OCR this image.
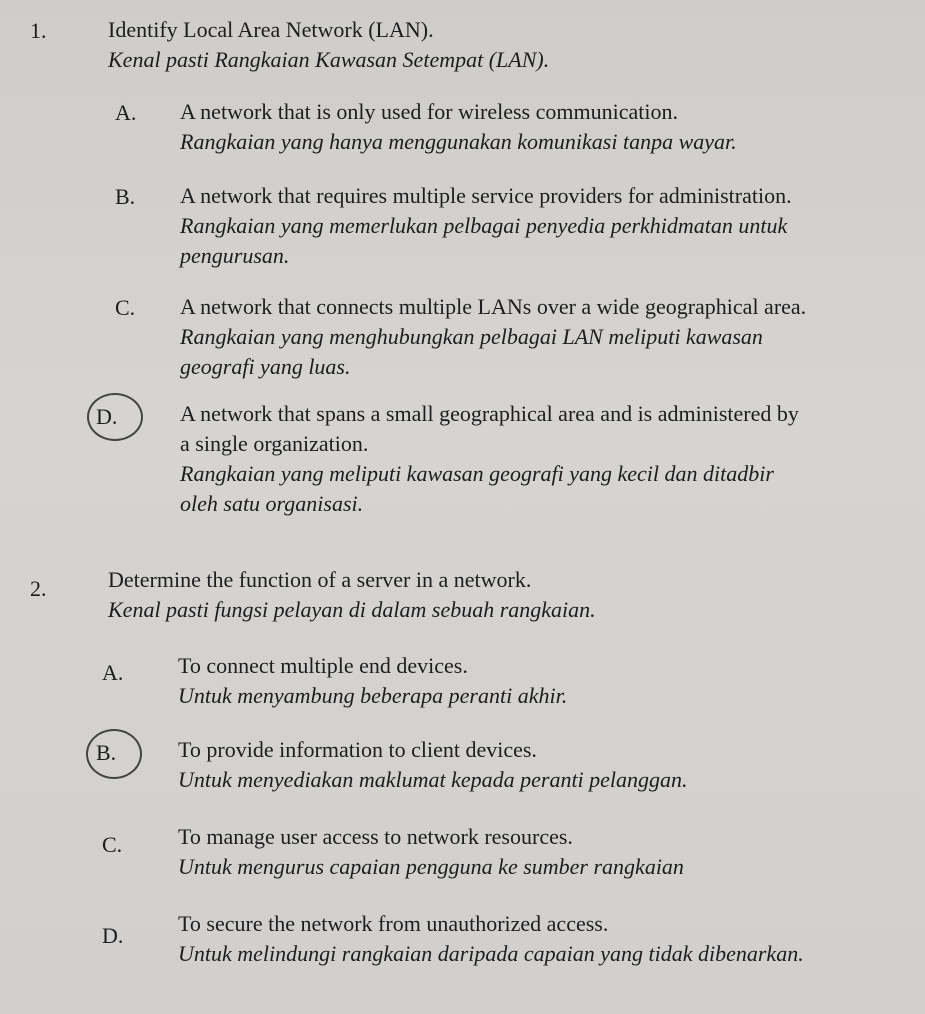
1.	Identify Local Area Network (LAN).
Kenal pasti Rangkaian Kawasan Setempat (LAN).
A. A network that is only used for wireless communication.
Rangkaian yang hanya menggunakan komunikasi tanpa wayar.
B. A network that requires multiple service providers for administration.
Rangkaian yang memerlukan pelbagai penyedia perkhidmatan untuk
pengurusan.
C. A network that connects multiple LANs over a wide geographical area.
Rangkaian yang menghubungkan pelbagai LAN meliputi kawasan
geografi yang luas.
D.	A network that spans a small geographical area and is administered by
a single organization.
Rangkaian yang meliputi kawasan geografi yang kecil dan ditadbir
oleh satu organisasi.
2.	Determine the function of a server in a network.
Kenal pasti fungsi pelayan di dalam sebuah rangkaian.
A. To connect multiple end devices.
Untuk menyambung beberapa peranti akhir.
B.	To provide information to client devices.
Untuk menyediakan maklumat kepada peranti pelanggan.
C.	To manage user access to network resources.
Untuk mengurus capaian pengguna ke sumber rangkaian
D. To secure the network from unauthorized access.
Untuk melindungi rangkaian daripada capaian yang tidak dibenarkan.
